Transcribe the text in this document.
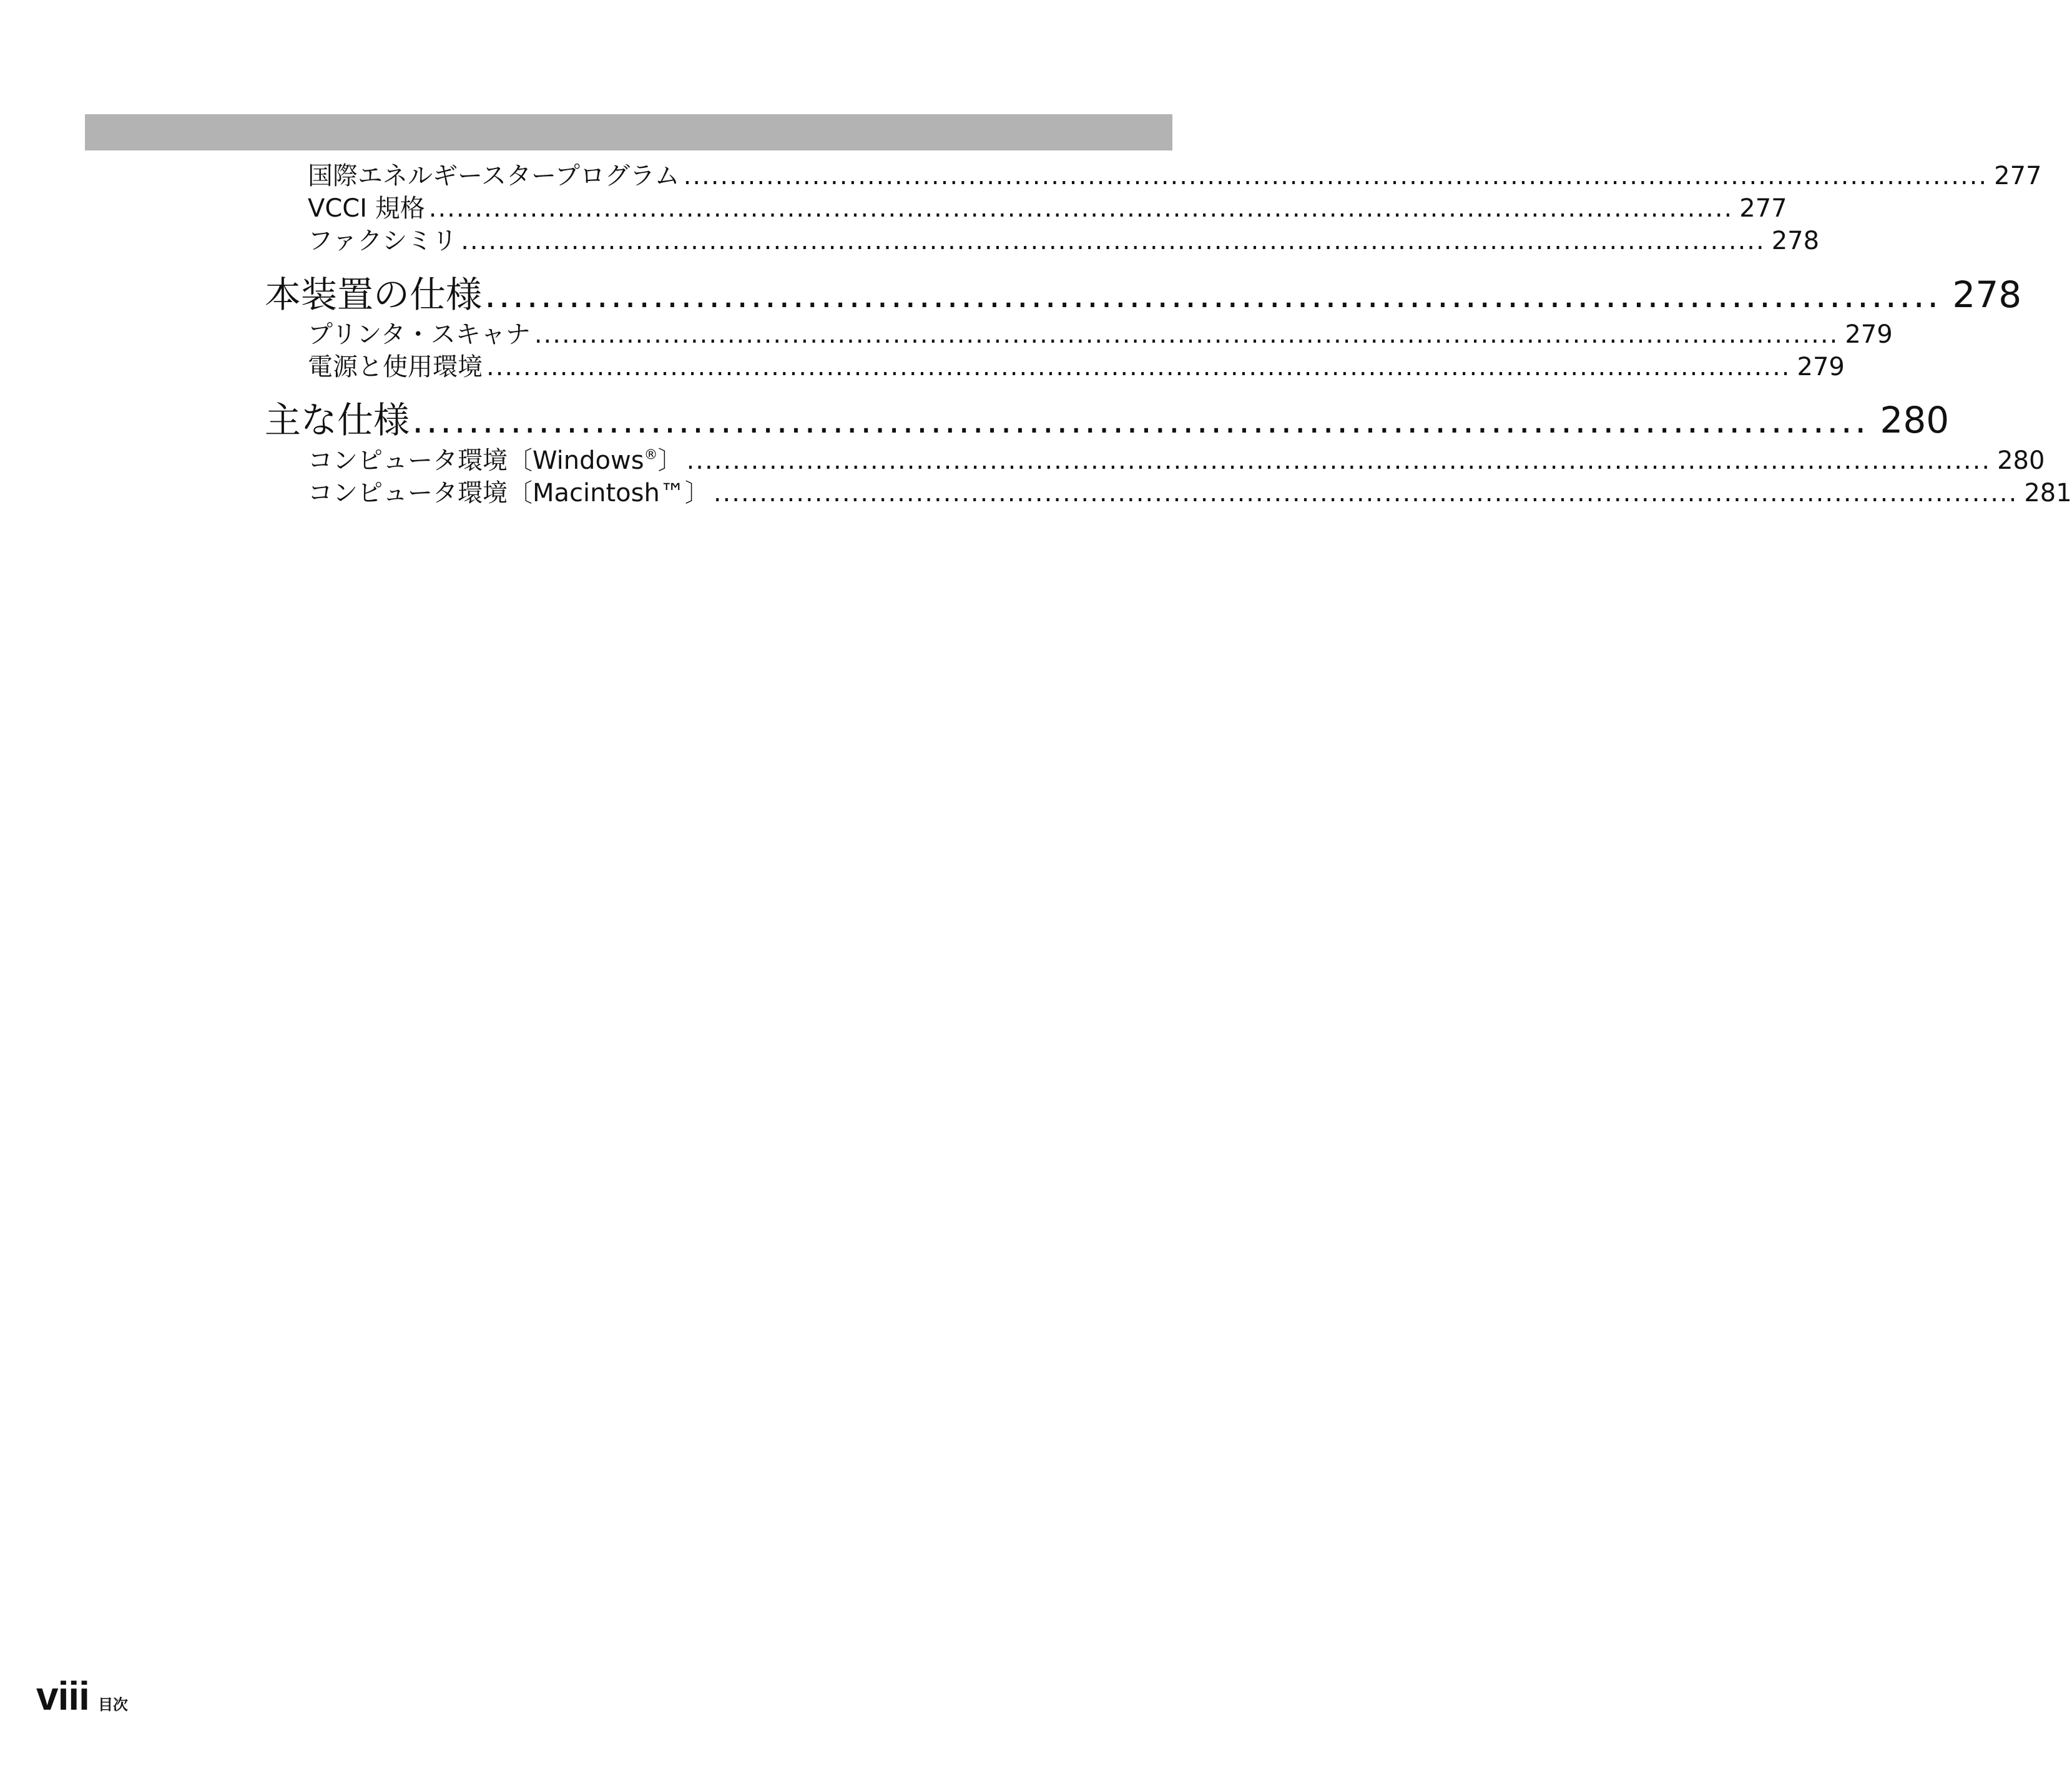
国際エネルギースタープログラム .............................................................................................................................................. 277
VCCI 規格 .............................................................................................................................................. 277
ファクシミリ .............................................................................................................................................. 278
本装置の仕様 ........................................................................................................ 278
プリンタ・スキャナ .............................................................................................................................................. 279
電源と使用環境 .............................................................................................................................................. 279
主な仕様 ........................................................................................................ 280
コンピュータ環境〔Windows®〕 .............................................................................................................................................. 280
コンピュータ環境〔Macintosh™〕 .............................................................................................................................................. 281
viii 目次
